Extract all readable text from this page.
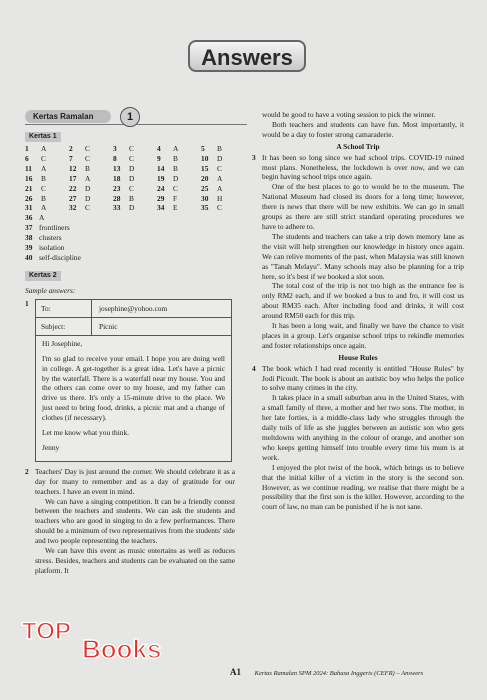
Answers
Kertas Ramalan	1
Kertas 1
1 A	2 C	3 C	4 A	5 B
6 C	7 C	8 C	9 B	10 D
11 A	12 B	13 D	14 B	15 C
16 B	17 A	18 D	19 D	20 A
21 C	22 D	23 C	24 C	25 A
26 B	27 D	28 B	29 F	30 H
31 A	32 C	33 D	34 E	35 C
36 A
37 frontliners
38 clusters
39 isolation
40 self-discipline
Kertas 2
Sample answers:
1
To:	josephine@yohoo.com
Subject:	Picnic

Hi Josephine,

I'm so glad to receive your email. I hope you are doing well in college. A get-together is a great idea. Let's have a picnic by the waterfall. There is a waterfall near my house. You and the others can come over to my house, and my father can drive us there. It's only a 15-minute drive to the place. We just need to bring food, drinks, a picnic mat and a change of clothes (if necessary).

Let me know what you think.

Jenny

2 Teachers' Day is just around the corner. We should celebrate it as a day for many to remember and as a day of gratitude for our teachers. I have an event in mind.

We can have a singing competition. It can be a friendly contest between the teachers and students. We can ask the students and teachers who are good in singing to do a few performances. There should be a minimum of two representatives from the students' side and two people representing the teachers.

We can have this event as music entertains as well as reduces stress. Besides, teachers and students can be evaluated on the same platform. It

would be good to have a voting session to pick the winner.

Both teachers and students can have fun. Most importantly, it would be a day to foster strong camaraderie.

A School Trip
3 It has been so long since we had school trips. COVID-19 ruined most plans. Nonetheless, the lockdown is over now, and we can begin having school trips once again.

One of the best places to go to would be to the museum. The National Museum had closed its doors for a long time; however, there is news that there will be new exhibits. We can go in small groups as there are still strict standard operating procedures we have to adhere to.

The students and teachers can take a trip down memory lane as the visit will help strengthen our knowledge in history once again. We can relive moments of the past, when Malaysia was still known as "Tanah Melayu". Many schools may also be planning for a trip here, so it's best if we booked a slot soon.

The total cost of the trip is not too high as the entrance fee is only RM2 each, and if we booked a bus to and fro, it will cost us about RM35 each. After including food and drinks, it will cost around RM50 each for this trip.

It has been a long wait, and finally we have the chance to visit places in a group. Let's organise school trips to rekindle memories and foster relationships once again.

House Rules
4 The book which I had read recently is entitled "House Rules" by Jodi Picoult. The book is about an autistic boy who helps the police to solve many crimes in the city.

It takes place in a small suburban area in the United States, with a small family of three, a mother and her two sons. The mother, in her late forties, is a middle-class lady who struggles through the daily toils of life as she juggles between an autistic son who gets meltdowns with anything in the colour of orange, and another son who keeps getting himself into trouble every time his mum is at work.

I enjoyed the plot twist of the book, which brings us to believe that the initial killer of a victim in the story is the second son. However, as we continue reading, we realise that there might be a possibility that the first son is the killer. However, according to the court of law, no man can be punished if he is not sane.

TOP
Books
A1 Kertas Ramalan SPM 2024: Bahasa Inggeris (CEFR) – Answers
